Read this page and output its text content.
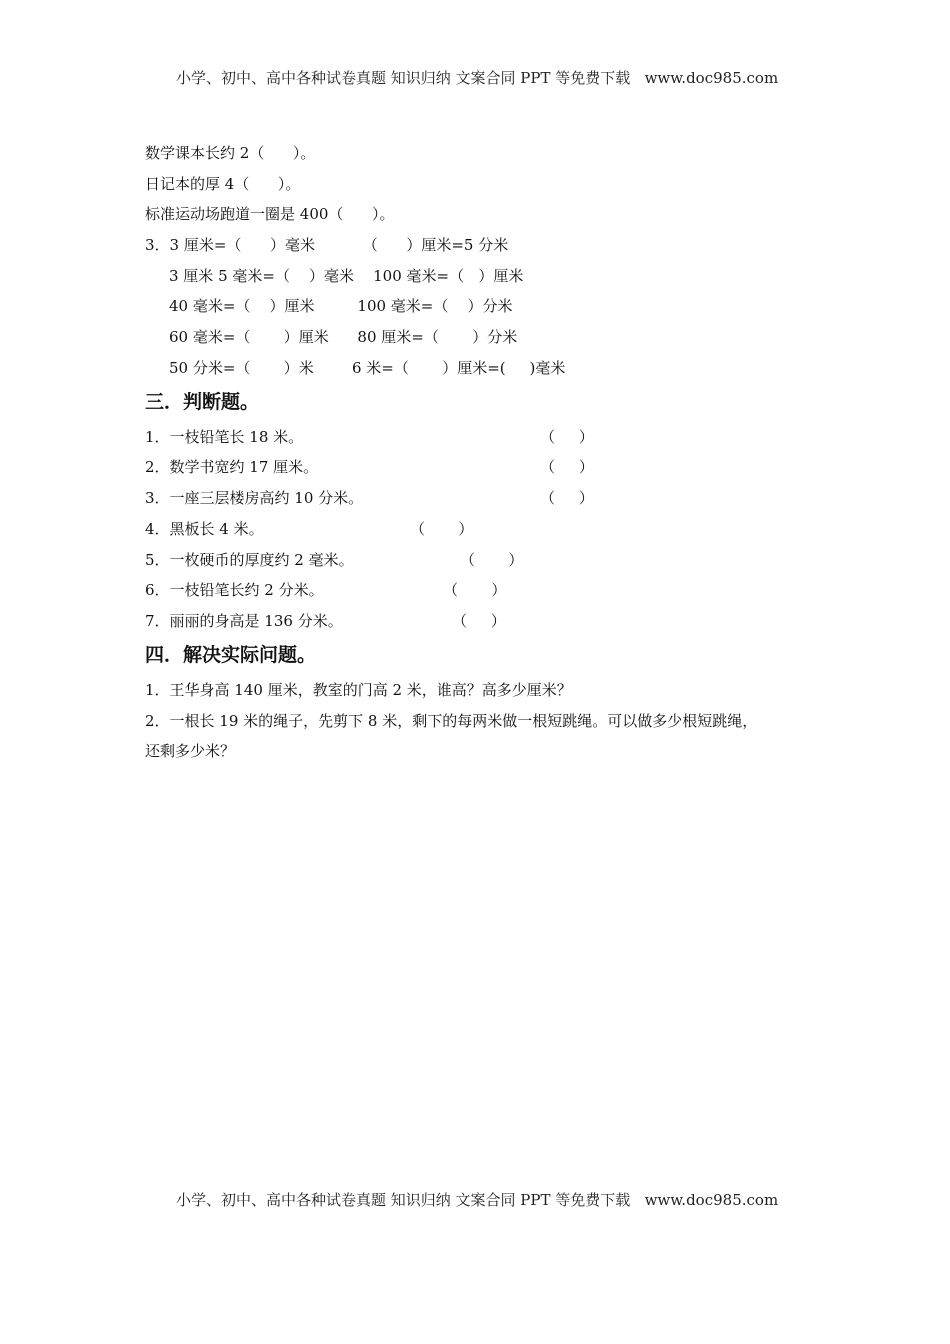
小学、初中、高中各种试卷真题 知识归纳 文案合同 PPT 等免费下载   www.doc985.com
数学课本长约 2（      ）。
日记本的厚 4（      ）。
标准运动场跑道一圈是 400（      ）。
3．3 厘米=（      ）毫米          （      ）厘米=5 分米
3 厘米 5 毫米=（    ）毫米    100 毫米=（   ）厘米
40 毫米=（    ）厘米         100 毫米=（    ）分米
60 毫米=（       ）厘米      80 厘米=（       ）分米
50 分米=（       ）米        6 米=（       ）厘米=(     )毫米
三．判断题。
1．一枝铅笔长 18 米。	（     ）
2．数学书宽约 17 厘米。	（     ）
3．一座三层楼房高约 10 分米。	（     ）
4．黑板长 4 米。	（       ）
5．一枚硬币的厚度约 2 毫米。	（       ）
6．一枝铅笔长约 2 分米。	（       ）
7．丽丽的身高是 136 分米。	（     ）
四．解决实际问题。
1．王华身高 140 厘米，教室的门高 2 米，谁高？高多少厘米？
2．一根长 19 米的绳子，先剪下 8 米，剩下的每两米做一根短跳绳。可以做多少根短跳绳，
还剩多少米？
小学、初中、高中各种试卷真题 知识归纳 文案合同 PPT 等免费下载   www.doc985.com
